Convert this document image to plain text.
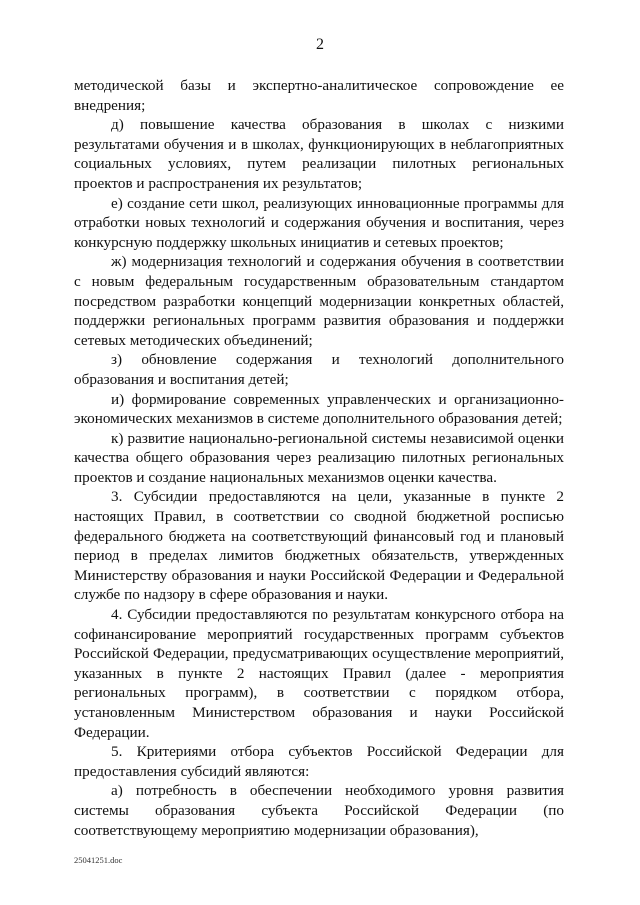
2

методической базы и экспертно-аналитическое сопровождение ее внедрения;

д) повышение качества образования в школах с низкими результатами обучения и в школах, функционирующих в неблагоприятных социальных условиях, путем реализации пилотных региональных проектов и распространения их результатов;

е) создание сети школ, реализующих инновационные программы для отработки новых технологий и содержания обучения и воспитания, через конкурсную поддержку школьных инициатив и сетевых проектов;

ж) модернизация технологий и содержания обучения в соответствии с новым федеральным государственным образовательным стандартом посредством разработки концепций модернизации конкретных областей, поддержки региональных программ развития образования и поддержки сетевых методических объединений;

з) обновление содержания и технологий дополнительного образования и воспитания детей;

и) формирование современных управленческих и организационно-экономических механизмов в системе дополнительного образования детей;

к) развитие национально-региональной системы независимой оценки качества общего образования через реализацию пилотных региональных проектов и создание национальных механизмов оценки качества.

3. Субсидии предоставляются на цели, указанные в пункте 2 настоящих Правил, в соответствии со сводной бюджетной росписью федерального бюджета на соответствующий финансовый год и плановый период в пределах лимитов бюджетных обязательств, утвержденных Министерству образования и науки Российской Федерации и Федеральной службе по надзору в сфере образования и науки.

4. Субсидии предоставляются по результатам конкурсного отбора на софинансирование мероприятий государственных программ субъектов Российской Федерации, предусматривающих осуществление мероприятий, указанных в пункте 2 настоящих Правил (далее - мероприятия региональных программ), в соответствии с порядком отбора, установленным Министерством образования и науки Российской Федерации.

5. Критериями отбора субъектов Российской Федерации для предоставления субсидий являются:

а) потребность в обеспечении необходимого уровня развития системы образования субъекта Российской Федерации (по соответствующему мероприятию модернизации образования),

25041251.doc
